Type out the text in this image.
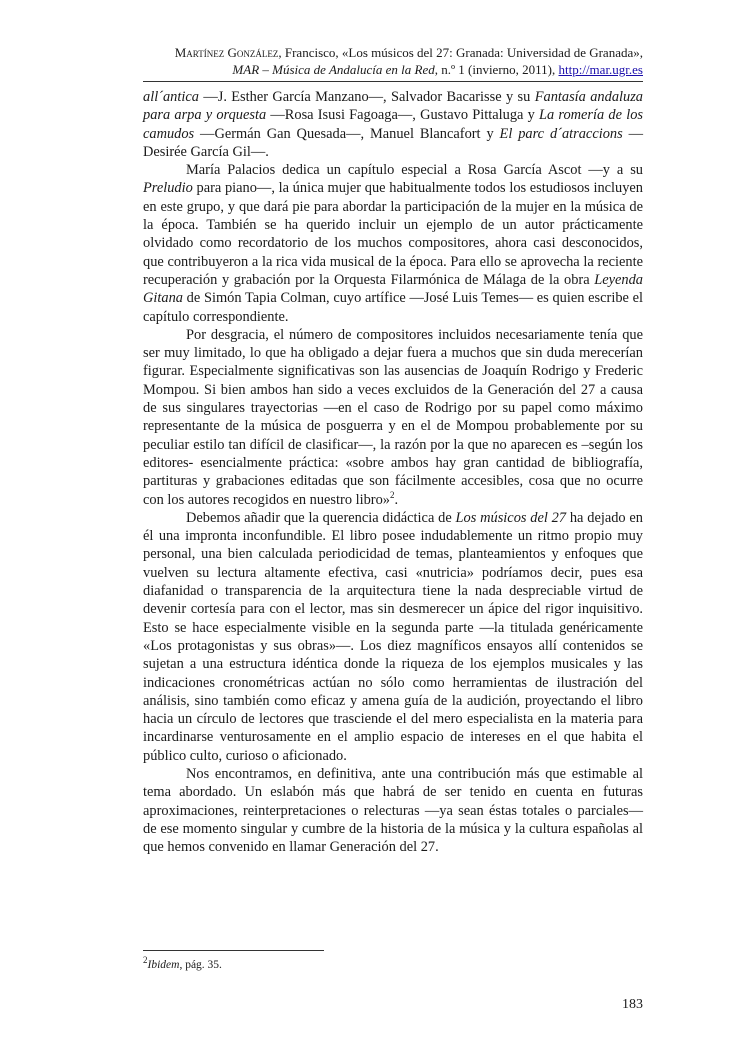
Martínez González, Francisco, «Los músicos del 27: Granada: Universidad de Granada»,
MAR – Música de Andalucía en la Red, n.º 1 (invierno, 2011), http://mar.ugr.es

all´antica —J. Esther García Manzano—, Salvador Bacarisse y su Fantasía andaluza para arpa y orquesta —Rosa Isusi Fagoaga—, Gustavo Pittaluga y La romería de los camudos —Germán Gan Quesada—, Manuel Blancafort y El parc d´atraccions —Desirée García Gil—.

María Palacios dedica un capítulo especial a Rosa García Ascot —y a su Preludio para piano—, la única mujer que habitualmente todos los estudiosos incluyen en este grupo, y que dará pie para abordar la participación de la mujer en la música de la época. También se ha querido incluir un ejemplo de un autor prácticamente olvidado como recordatorio de los muchos compositores, ahora casi desconocidos, que contribuyeron a la rica vida musical de la época. Para ello se aprovecha la reciente recuperación y grabación por la Orquesta Filarmónica de Málaga de la obra Leyenda Gitana de Simón Tapia Colman, cuyo artífice —José Luis Temes— es quien escribe el capítulo correspondiente.

Por desgracia, el número de compositores incluidos necesariamente tenía que ser muy limitado, lo que ha obligado a dejar fuera a muchos que sin duda merecerían figurar. Especialmente significativas son las ausencias de Joaquín Rodrigo y Frederic Mompou. Si bien ambos han sido a veces excluidos de la Generación del 27 a causa de sus singulares trayectorias —en el caso de Rodrigo por su papel como máximo representante de la música de posguerra y en el de Mompou probablemente por su peculiar estilo tan difícil de clasificar—, la razón por la que no aparecen es –según los editores- esencialmente práctica: «sobre ambos hay gran cantidad de bibliografía, partituras y grabaciones editadas que son fácilmente accesibles, cosa que no ocurre con los autores recogidos en nuestro libro»$^2$.

Debemos añadir que la querencia didáctica de Los músicos del 27 ha dejado en él una impronta inconfundible. El libro posee indudablemente un ritmo propio muy personal, una bien calculada periodicidad de temas, planteamientos y enfoques que vuelven su lectura altamente efectiva, casi «nutricia» podríamos decir, pues esa diafanidad o transparencia de la arquitectura tiene la nada despreciable virtud de devenir cortesía para con el lector, mas sin desmerecer un ápice del rigor inquisitivo. Esto se hace especialmente visible en la segunda parte —la titulada genéricamente «Los protagonistas y sus obras»—. Los diez magníficos ensayos allí contenidos se sujetan a una estructura idéntica donde la riqueza de los ejemplos musicales y las indicaciones cronométricas actúan no sólo como herramientas de ilustración del análisis, sino también como eficaz y amena guía de la audición, proyectando el libro hacia un círculo de lectores que trasciende el del mero especialista en la materia para incardinarse venturosamente en el amplio espacio de intereses en el que habita el público culto, curioso o aficionado.

Nos encontramos, en definitiva, ante una contribución más que estimable al tema abordado. Un eslabón más que habrá de ser tenido en cuenta en futuras aproximaciones, reinterpretaciones o relecturas —ya sean éstas totales o parciales— de ese momento singular y cumbre de la historia de la música y la cultura españolas al que hemos convenido en llamar Generación del 27.

$^2$Ibidem, pág. 35.
183
